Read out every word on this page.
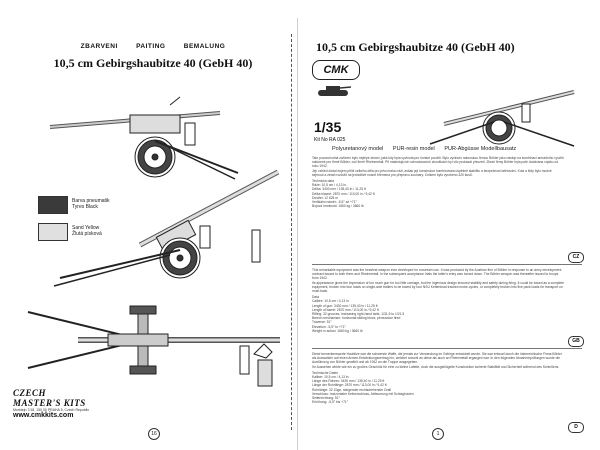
ZBARVENI	PAITING	BEMALUNG
10,5 cm Gebirgshaubitze 40 (GebH 40)
Barva pneumatik
Tyres Black
Sand Yellow
Žlutá písková
CZECH
MASTER'S KITS
Morštejn 7/18, 150 00 PRAHA 5, Czech Republic
www.cmkkits.com
16
10,5 cm Gebirgshaubitze 40 (GebH 40)
CMK
1/35
Kit No RA 025
Polyuretanový model PUR-resin model PUR-Abgüsse Modellbausatz
Tato pozoruhodná zařízení bylo nejlépe zbraní, jaká kdy byla vyvinuta pro horské použití. Bylo vyvinuto rakouskou firmou Böhler jako nástup na kombinaci armádního využití nabízené pro firmě Böhler, což firmě Rheinmetall. Při následujících schvalovacích zkouškách byl vůz prokázal převzetí. Zbraň firmy Böhler byla poté dodávána vojsku od roku 1942.
Její vzhled dodal dojem příliš velkého děla pro jeho malou ráži, avšak její konstrukce kombinovala úspěšně stabilitu a bezpečnost lafetování. Kola a štíty bylo možné sejmout a zbraň rozložit na jednotlivé nosné břemena pro přepravu soumary. Celkem bylo vyrobeno 420 kusů.
Technická data
Ráže: 10,5 cm / 4,13 in.
Délka: 3430 mm / 135,40 in / 11,25 ft
Délka hlavně: 2870 mm / 113,00 in / 9,42 ft
Dostřel: 12 625 m
Vertikální náměr: -5,5° až +71°
Bojová hmotnost: 1660 kg / 3660 lb
CZ
This remarkable equipment was the heaviest weapon ever developed for mountain use. It was produced by the Austrian firm of Böhler in response to an army development contract issued to both them and Rheinmetall. In the subsequent acceptance trials the latter's entry was turned down. The Böhler weapon was thereafter issued to troops from 1942.
Its appearance gives the impression of too much gun for too little carriage, but the ingenious design ensured stability and safety during firing. It could be towed as a complete equipment, broken into four loads on single-axle trailers to be towed by four NSU Kettenkrad tracked motor-cycles, or completely broken into five pack loads for transport on mule-back.
Data
Calibre: 10,5 cm / 4,13 in.
Length of gun: 3430 mm / 135,40 in / 11,25 ft
Length of barrel: 2870 mm / 113,00 in / 9,42 ft
Rifling: 32 grooves, increasing right-hand twist, 1/31.5 to 1/21.5
Breech mechanism: horizontal sliding block, percussion fired
Traverse: 51°
Elevation: -5,5° to +71°
Weight in action: 1660 kg / 3660 lb
GB
Diese bemerkenswerte Haubitze war die schwerste Waffe, die jemals zur Verwendung im Gebirge entwickelt wurde. Sie war entwurf durch die österreichische Firma Böhler als Auswahlen auf einen Armee-Entwicklungsvertrag hin, welcher sowohl an diese als auch an Rheinmetall ergangen war. In den folgenden Abnahmeprüfungen wurde die Ausführung von Böhler gewählt und ab 1942 an die Truppe ausgegeben.
Ihr Aussehen wirkte wie ein zu großes Geschütz für eine zu kleine Lafette, doch die ausgeklügelte Konstruktion sicherte Stabilität und Sicherheit während des Schießens.
Technische Daten
Kaliber: 10,5 cm / 4,13 in.
Länge des Rohres: 3430 mm / 135,40 in / 11,25 ft
Länge der Rohrlänge: 2870 mm / 113,00 in / 9,42 ft
Rohrlänge: 32 Züge, steigender rechtsdrehender Drall
Verschluss: horizontaler Keilverschluss, Abfeuerung mit Schlagbolzen
Seitenrichtung: 51°
Erhöhung: -5,5° bis +71°
D
1
